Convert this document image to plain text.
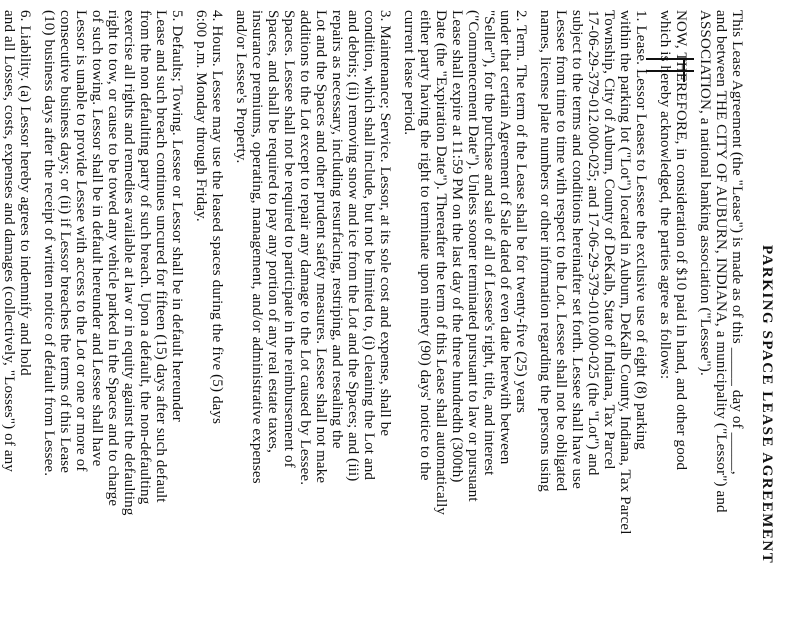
PARKING SPACE LEASE AGREEMENT
This Lease Agreement (the "Lease") is made as of this _____ day of _____,
and between THE CITY OF AUBURN, INDIANA, a municipality ("Lessor") and
ASSOCIATION, a national banking association ("Lessee").
NOW, THEREFORE, in consideration of $10 paid in hand, and other good
which is hereby acknowledged, the parties agree as follows:
1. Lease. Lessor Leases to Lessee the exclusive use of eight (8) parking
within the parking lot ("Lot") located in Auburn, DeKalb County, Indiana, Tax Parcel
Township, City of Auburn, County of DeKalb, State of Indiana, Tax Parcel
17-06-29-379-012.000-025; and 17-06-29-379-010.000-025 (the "Lot") and
subject to the terms and conditions hereinafter set forth. Lessee shall have use
Lessee from time to time with respect to the Lot. Lessee shall not be obligated
names, license plate numbers or other information regarding the persons using
2. Term. The term of the Lease shall be for twenty-five (25) years
under that certain Agreement of Sale dated of even date herewith between
"Seller"), for the purchase and sale of all of Lessee's right, title, and interest
("Commencement Date"). Unless sooner terminated pursuant to law or pursuant
Lease shall expire at 11:59 PM on the last day of the three hundredth (300th)
Date (the "Expiration Date"). Thereafter the term of this Lease shall automatically
either party having the right to terminate upon ninety (90) days' notice to the
current lease period.
3. Maintenance; Service. Lessor, at its sole cost and expense, shall be
condition, which shall include, but not be limited to, (i) cleaning the Lot and
and debris; (ii) removing snow and ice from the Lot and the Spaces; and (iii)
repairs as necessary, including resurfacing, restriping, and resealing the
Lot and the Spaces and other prudent safety measures. Lessee shall not make
additions to the Lot except to repair any damage to the Lot caused by Lessee.
Spaces. Lessee shall not be required to participate in the reimbursement of
Spaces, and shall be required to pay any portion of any real estate taxes,
insurance premiums, operating, management, and/or administrative expenses
and/or Lessee's Property.
4. Hours. Lessee may use the leased spaces during the five (5) days
6:00 p.m. Monday through Friday.
5. Defaults; Towing. Lessee or Lessor shall be in default hereunder
Lease and such breach continues uncured for fifteen (15) days after such default
from the non defaulting party of such breach. Upon a default, the non-defaulting
exercise all rights and remedies available at law or in equity against the defaulting
right to tow, or cause to be towed any vehicle parked in the Spaces and to charge
of such towing. Lessor shall be in default hereunder and Lessee shall have
Lessor is unable to provide Lessee with access to the Lot or one or more of
consecutive business days; or (ii) if Lessor breaches the terms of this Lease
(10) business days after the receipt of written notice of default from Lessee.
6. Liability. (a) Lessor hereby agrees to indemnify and hold
and all Losses, costs, expenses and damages (collectively, "Losses") of any
